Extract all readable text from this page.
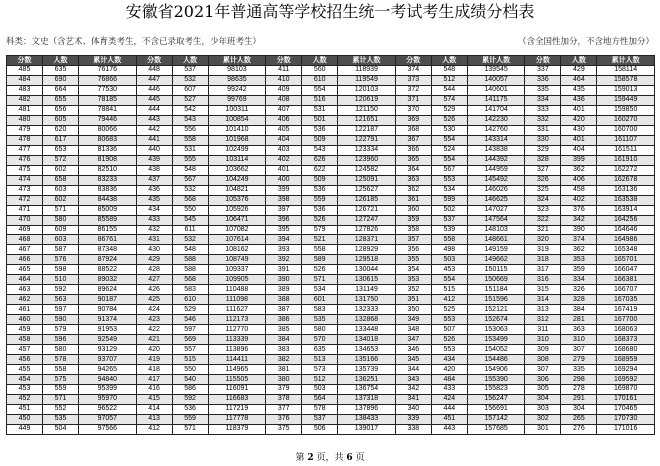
安徽省2021年普通高等学校招生统一考试考生成绩分档表
科类：文史（含艺术、体育类考生，不含已录取考生，少年班考生）	（含全国性加分，不含地方性加分）
分数	人数	累计人数	分数	人数	累计人数	分数	人数	累计人数	分数	人数	累计人数	分数	人数	累计人数
485	635	76176	448	537	98103	411	560	118939	374	548	139545	337	429	158114
484	690	76866	447	532	98635	410	610	119549	373	512	140057	336	464	158578
483	664	77530	446	607	99242	409	554	120103	372	544	140601	335	435	159013
482	655	78185	445	527	99769	408	516	120619	371	574	141175	334	436	159449
481	656	78841	444	542	100311	407	531	121150	370	529	141704	333	401	159850
480	605	79446	443	543	100854	406	501	121651	369	526	142230	332	420	160270
479	620	80066	442	556	101410	405	536	122187	368	530	142760	331	430	160700
478	617	80683	441	558	101968	404	509	122791	367	554	143314	330	401	161107
477	653	81336	440	531	102499	403	543	123334	366	524	143838	329	404	161511
476	572	81908	439	555	103114	402	626	123960	365	554	144392	328	399	161910
475	602	82510	438	548	103662	401	622	124582	364	567	144959	327	362	162272
474	658	83233	437	567	104249	400	509	125091	363	553	145492	326	406	162678
473	603	83836	436	532	104821	399	536	125627	362	534	146026	325	458	163136
472	602	84438	435	568	105376	398	559	126185	361	599	146625	324	402	163538
471	571	85009	434	550	105926	397	536	126721	360	502	147027	323	376	163914
470	580	85589	433	545	106471	396	526	127247	359	537	147564	322	342	164256
469	609	86155	432	611	107082	395	579	127826	358	539	148103	321	390	164646
468	603	86761	431	532	107614	394	521	128371	357	558	148661	320	374	164986
467	587	87348	430	548	108162	393	558	128929	356	498	149159	319	362	165348
466	576	87924	429	588	108749	392	589	129518	355	503	149662	318	353	165701
465	598	88522	428	588	109337	391	526	130044	354	453	150115	317	359	166047
464	510	89032	427	568	109905	390	571	130615	353	554	150669	316	334	166381
463	592	89624	426	583	110488	389	534	131149	352	515	151184	315	326	166707
462	563	90187	425	610	111098	388	601	131750	351	412	151596	314	328	167035
461	597	90784	424	529	111627	387	583	132333	350	525	152121	313	384	167419
460	590	91374	423	546	112173	386	535	132868	349	553	152674	312	281	167700
459	579	91953	422	597	112770	385	580	133448	348	507	153063	311	363	168063
458	596	92549	421	569	113339	384	570	134018	347	526	153499	310	310	168373
457	580	93129	420	557	113896	383	635	134653	346	553	154052	309	307	168680
456	578	93707	419	515	114411	382	513	135166	345	434	154486	308	279	168959
455	558	94265	418	550	114965	381	573	135739	344	420	154906	307	335	169294
454	575	94840	417	540	115505	380	512	136251	343	484	155390	306	298	169592
453	559	95399	416	586	116091	379	503	136754	342	433	155823	305	278	169870
452	571	95970	415	592	116683	378	564	137318	341	424	156247	304	291	170161
451	552	96522	414	536	117219	377	578	137896	340	444	156691	303	304	170465
450	535	97057	413	559	117778	376	537	138433	339	451	157142	302	265	170730
449	504	97566	412	571	118379	375	506	139017	338	443	157685	301	276	171016
第 2 页，共 6 页
